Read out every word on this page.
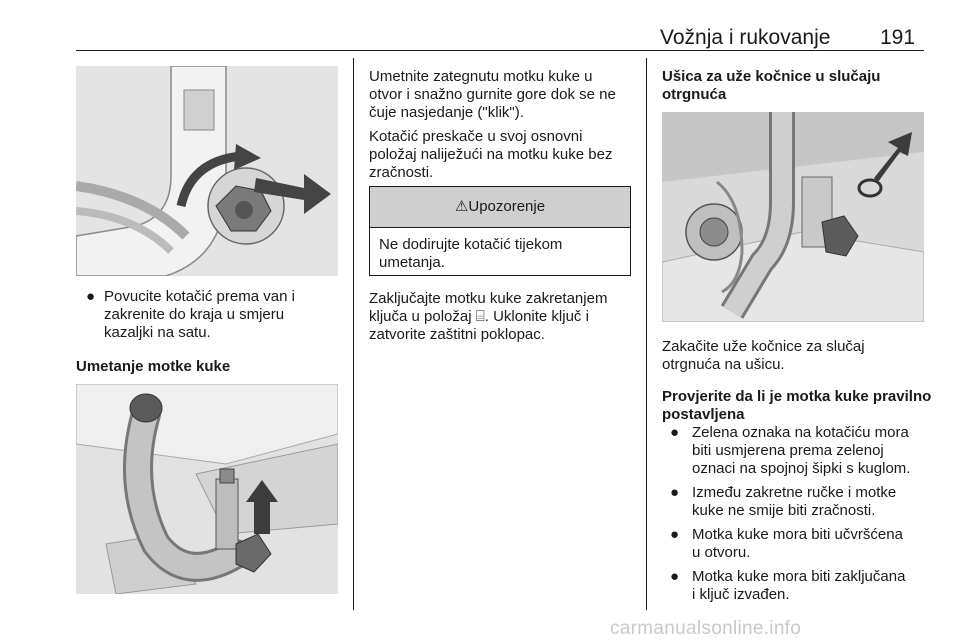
Vožnja i rukovanje 191
● Povucite kotačić prema van i
zakrenite do kraja u smjeru
kazaljki na satu.
Umetanje motke kuke
Umetnite zategnutu motku kuke u
otvor i snažno gurnite gore dok se ne
čuje nasjedanje ("klik").
Kotačić preskače u svoj osnovni
položaj naliježući na motku kuke bez
zračnosti.
⚠Upozorenje
Ne dodirujte kotačić tijekom
umetanja.
Zaključajte motku kuke zakretanjem
ključa u položaj ⌸. Uklonite ključ i
zatvorite zaštitni poklopac.
Ušica za uže kočnice u slučaju
otrgnuća
Zakačite uže kočnice za slučaj
otrgnuća na ušicu.
Provjerite da li je motka kuke pravilno
postavljena
● Zelena oznaka na kotačiću mora
biti usmjerena prema zelenoj
oznaci na spojnoj šipki s kuglom.
● Između zakretne ručke i motke
kuke ne smije biti zračnosti.
● Motka kuke mora biti učvršćena
u otvoru.
● Motka kuke mora biti zaključana
i ključ izvađen.
carmanualsonline.info
